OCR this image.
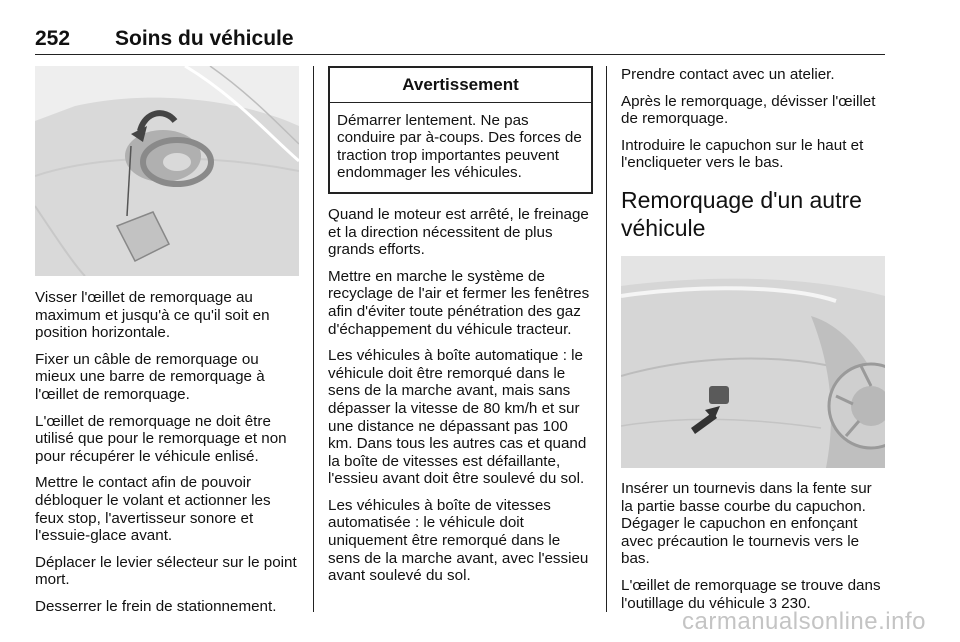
252 Soins du véhicule

Visser l'œillet de remorquage au maximum et jusqu'à ce qu'il soit en position horizontale.

Fixer un câble de remorquage ou mieux une barre de remorquage à l'œillet de remorquage.

L'œillet de remorquage ne doit être utilisé que pour le remorquage et non pour récupérer le véhicule enlisé.

Mettre le contact afin de pouvoir débloquer le volant et actionner les feux stop, l'avertisseur sonore et l'essuie-glace avant.

Déplacer le levier sélecteur sur le point mort.

Desserrer le frein de stationnement.

Avertissement
Démarrer lentement. Ne pas conduire par à-coups. Des forces de traction trop importantes peuvent endommager les véhicules.

Quand le moteur est arrêté, le freinage et la direction nécessitent de plus grands efforts.

Mettre en marche le système de recyclage de l'air et fermer les fenêtres afin d'éviter toute pénétration des gaz d'échappement du véhicule tracteur.

Les véhicules à boîte automatique : le véhicule doit être remorqué dans le sens de la marche avant, mais sans dépasser la vitesse de 80 km/h et sur une distance ne dépassant pas 100 km. Dans tous les autres cas et quand la boîte de vitesses est défaillante, l'essieu avant doit être soulevé du sol.

Les véhicules à boîte de vitesses automatisée : le véhicule doit uniquement être remorqué dans le sens de la marche avant, avec l'essieu avant soulevé du sol.

Prendre contact avec un atelier.

Après le remorquage, dévisser l'œillet de remorquage.

Introduire le capuchon sur le haut et l'encliqueter vers le bas.

Remorquage d'un autre véhicule

Insérer un tournevis dans la fente sur la partie basse courbe du capuchon. Dégager le capuchon en enfonçant avec précaution le tournevis vers le bas.

L'œillet de remorquage se trouve dans l'outillage du véhicule 3 230.

carmanualsonline.info
